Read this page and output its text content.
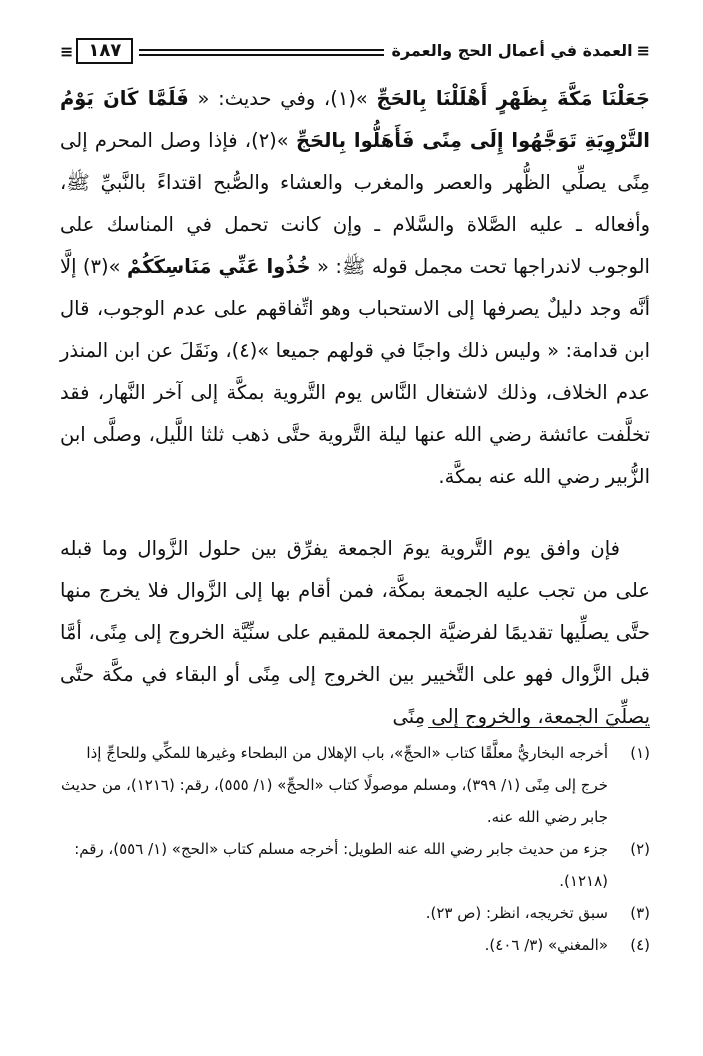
≡العمدة في أعمال الحج والعمرة
≡ ١٨٧

جَعَلْنَا مَكَّةَ بِظَهْرٍ أَهْلَلْنَا بِالحَجِّ »(١)، وفي حديث: « فَلَمَّا كَانَ يَوْمُ التَّرْوِيَةِ تَوَجَّهُوا إِلَى مِنًى فَأَهَلُّوا بِالحَجِّ »(٢)، فإذا وصل المحرم إلى مِنًى يصلِّي الظُّهر والعصر والمغرب والعشاء والصُّبح اقتداءً بالنَّبيِّ ﷺ، وأفعاله ـ عليه الصَّلاة والسَّلام ـ وإن كانت تحمل في المناسك على الوجوب لاندراجها تحت مجمل قوله ﷺ: « خُذُوا عَنِّي مَنَاسِكَكُمْ »(٣) إلَّا أنَّه وجد دليلٌ يصرفها إلى الاستحباب وهو اتِّفاقهم على عدم الوجوب، قال ابن قدامة: « وليس ذلك واجبًا في قولهم جميعا »(٤)، ونَقَلَ عن ابن المنذر عدم الخلاف، وذلك لاشتغال النَّاس يوم التَّروية بمكَّة إلى آخر النَّهار، فقد تخلَّفت عائشة رضي الله عنها ليلة التَّروية حتَّى ذهب ثلثا اللَّيل، وصلَّى ابن الزُّبير رضي الله عنه بمكَّة.

فإن وافق يوم التَّروية يومَ الجمعة يفرِّق بين حلول الزَّوال وما قبله على من تجب عليه الجمعة بمكَّة، فمن أقام بها إلى الزَّوال فلا يخرج منها حتَّى يصلِّيها تقديمًا لفرضيَّة الجمعة للمقيم على سنِّيَّة الخروج إلى مِنًى، أمَّا قبل الزَّوال فهو على التَّخيير بين الخروج إلى مِنًى أو البقاء في مكَّة حتَّى يصلِّيَ الجمعة، والخروج إلى مِنًى

(١)
أخرجه البخاريُّ معلَّقًا كتاب «الحجِّ»، باب الإهلال من البطحاء وغيرها للمكِّي وللحاجِّ إذا خرج إلى مِنًى (١/ ٣٩٩)، ومسلم موصولًا كتاب «الحجِّ» (١/ ٥٥٥)، رقم: (١٢١٦)، من حديث جابر رضي الله عنه.
(٢)
جزء من حديث جابر رضي الله عنه الطويل: أخرجه مسلم كتاب «الحج» (١/ ٥٥٦)، رقم: (١٢١٨).
(٣)
سبق تخريجه، انظر: (ص ٢٣).
(٤)
«المغني» (٣/ ٤٠٦).
